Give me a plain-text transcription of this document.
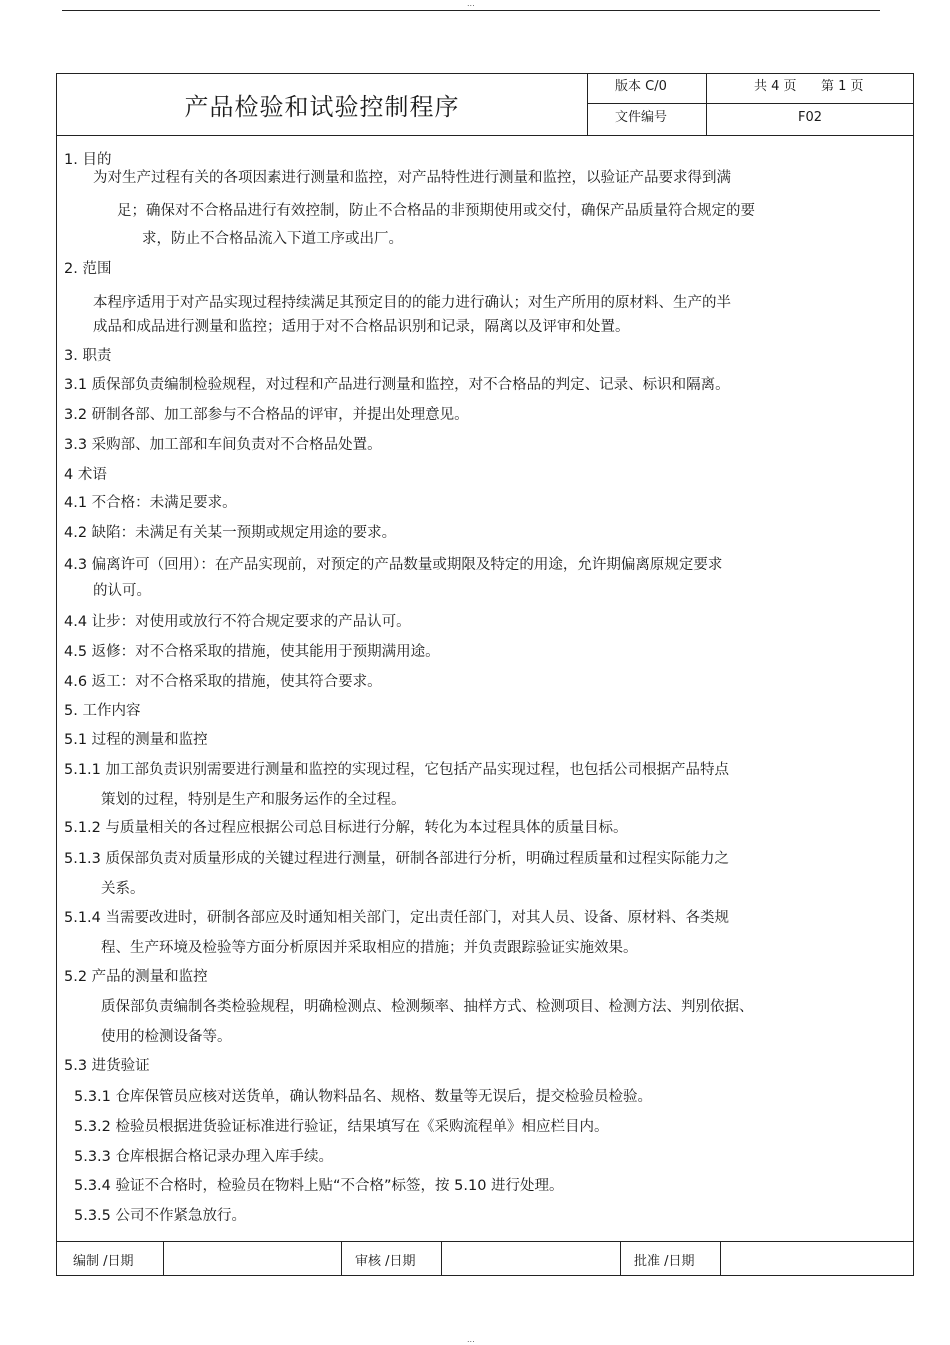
...
产品检验和试验控制程序
版本 C/0	共 4 页 第 1 页
文件编号	F02
1. 目的
为对生产过程有关的各项因素进行测量和监控，对产品特性进行测量和监控，以验证产品要求得到满
足；确保对不合格品进行有效控制，防止不合格品的非预期使用或交付，确保产品质量符合规定的要
求，防止不合格品流入下道工序或出厂。
2. 范围
本程序适用于对产品实现过程持续满足其预定目的的能力进行确认；对生产所用的原材料、生产的半
成品和成品进行测量和监控；适用于对不合格品识别和记录，隔离以及评审和处置。
3. 职责
3.1 质保部负责编制检验规程，对过程和产品进行测量和监控，对不合格品的判定、记录、标识和隔离。
3.2 研制各部、加工部参与不合格品的评审，并提出处理意见。
3.3 采购部、加工部和车间负责对不合格品处置。
4 术语
4.1 不合格：未满足要求。
4.2 缺陷：未满足有关某一预期或规定用途的要求。
4.3 偏离许可（回用）：在产品实现前，对预定的产品数量或期限及特定的用途，允许期偏离原规定要求
的认可。
4.4 让步：对使用或放行不符合规定要求的产品认可。
4.5 返修：对不合格采取的措施，使其能用于预期满用途。
4.6 返工：对不合格采取的措施，使其符合要求。
5. 工作内容
5.1 过程的测量和监控
5.1.1 加工部负责识别需要进行测量和监控的实现过程，它包括产品实现过程，也包括公司根据产品特点
策划的过程，特别是生产和服务运作的全过程。
5.1.2 与质量相关的各过程应根据公司总目标进行分解，转化为本过程具体的质量目标。
5.1.3 质保部负责对质量形成的关键过程进行测量，研制各部进行分析，明确过程质量和过程实际能力之
关系。
5.1.4 当需要改进时，研制各部应及时通知相关部门，定出责任部门，对其人员、设备、原材料、各类规
程、生产环境及检验等方面分析原因并采取相应的措施；并负责跟踪验证实施效果。
5.2 产品的测量和监控
质保部负责编制各类检验规程，明确检测点、检测频率、抽样方式、检测项目、检测方法、判别依据、
使用的检测设备等。
5.3 进货验证
5.3.1 仓库保管员应核对送货单，确认物料品名、规格、数量等无误后，提交检验员检验。
5.3.2 检验员根据进货验证标准进行验证，结果填写在《采购流程单》相应栏目内。
5.3.3 仓库根据合格记录办理入库手续。
5.3.4 验证不合格时，检验员在物料上贴“不合格”标签，按 5.10 进行处理。
5.3.5 公司不作紧急放行。
编制 /日期	审核 /日期	批准 /日期
...
